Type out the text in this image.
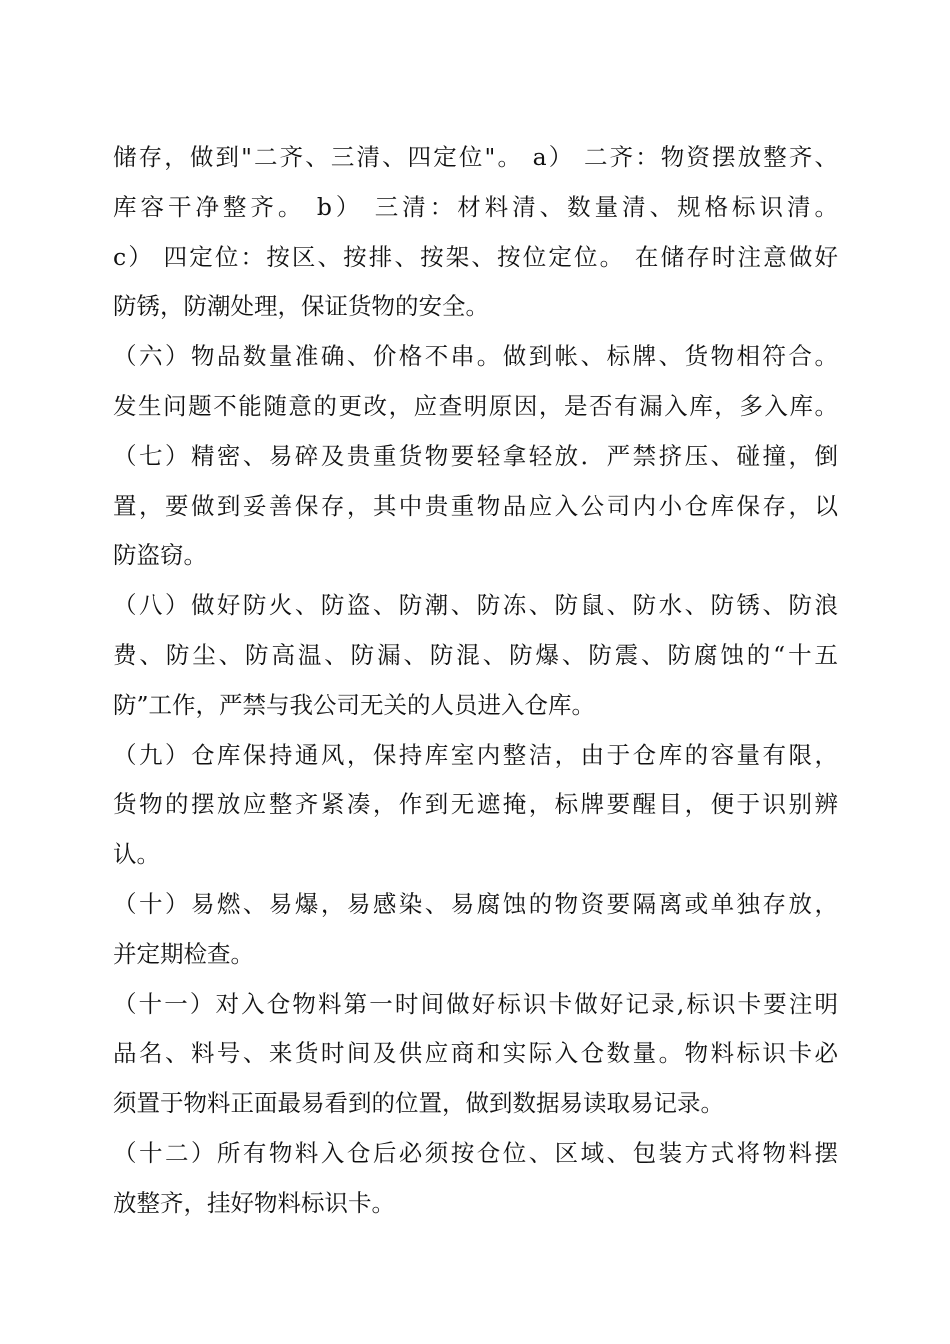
储存，做到"二齐、三清、四定位"。 a） 二齐：物资摆放整齐、
库容干净整齐。 b） 三清：材料清、数量清、规格标识清。
c） 四定位：按区、按排、按架、按位定位。 在储存时注意做好
防锈，防潮处理，保证货物的安全。
（六）物品数量准确、价格不串。做到帐、标牌、货物相符合。
发生问题不能随意的更改，应查明原因，是否有漏入库，多入库。
（七）精密、易碎及贵重货物要轻拿轻放．严禁挤压、碰撞，倒
置，要做到妥善保存，其中贵重物品应入公司内小仓库保存，以
防盗窃。
（八）做好防火、防盗、防潮、防冻、防鼠、防水、防锈、防浪
费、防尘、防高温、防漏、防混、防爆、防震、防腐蚀的“十五
防”工作，严禁与我公司无关的人员进入仓库。
（九）仓库保持通风，保持库室内整洁，由于仓库的容量有限，
货物的摆放应整齐紧凑，作到无遮掩，标牌要醒目，便于识别辨
认。
（十）易燃、易爆，易感染、易腐蚀的物资要隔离或单独存放，
并定期检查。
（十一）对入仓物料第一时间做好标识卡做好记录,标识卡要注明
品名、料号、来货时间及供应商和实际入仓数量。物料标识卡必
须置于物料正面最易看到的位置，做到数据易读取易记录。
（十二）所有物料入仓后必须按仓位、区域、包装方式将物料摆
放整齐，挂好物料标识卡。
